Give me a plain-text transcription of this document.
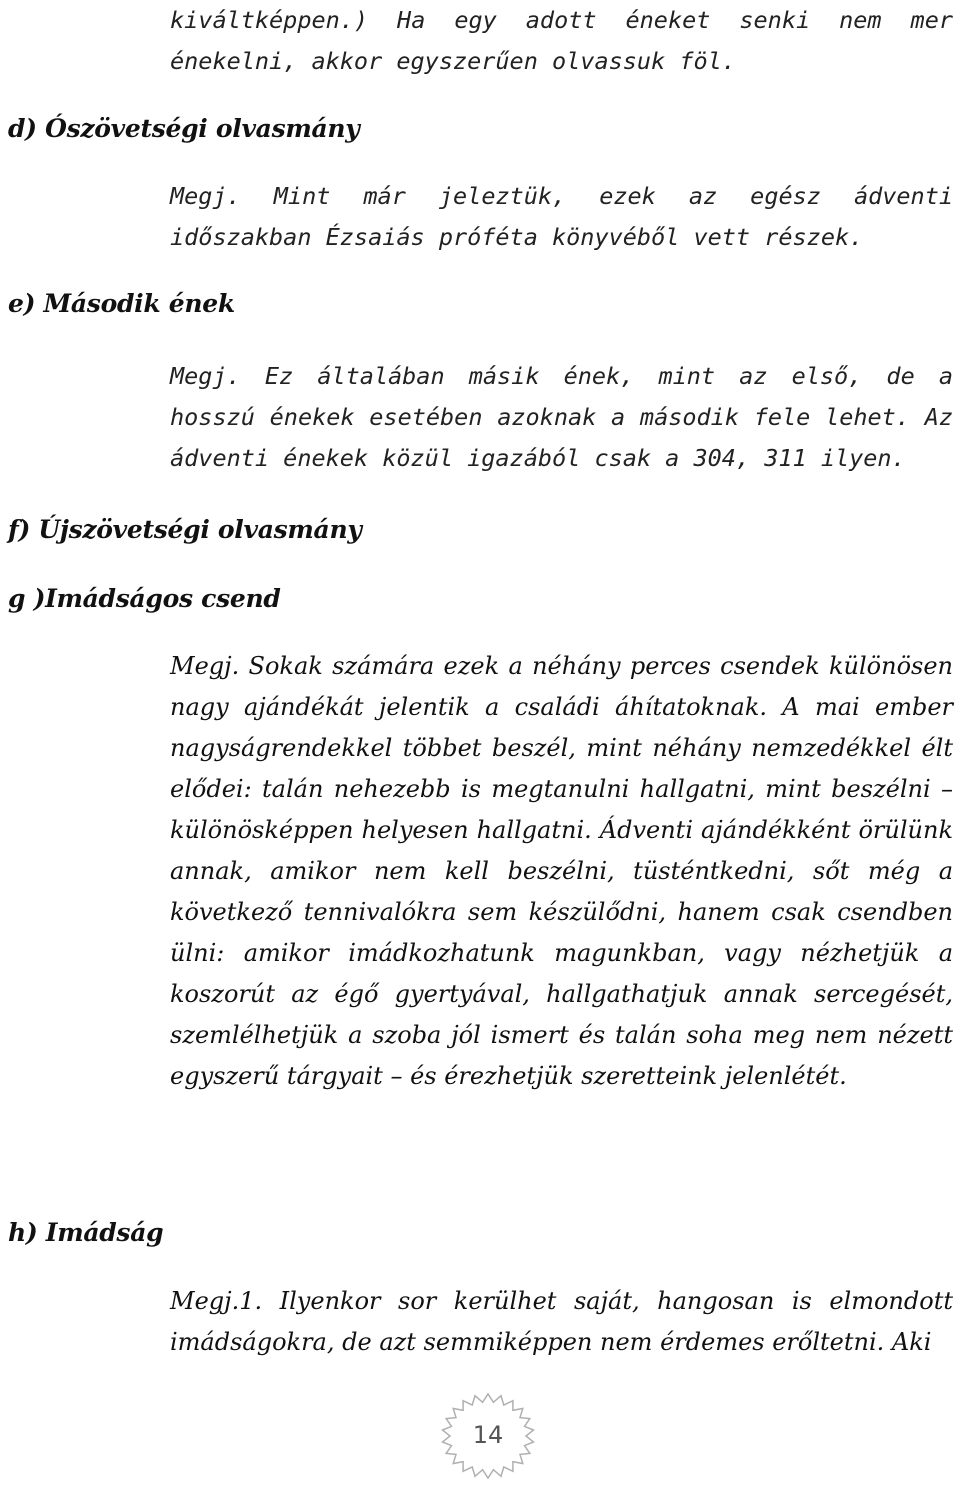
kiváltképpen.) Ha egy adott éneket senki nem mer énekelni, akkor egyszerűen olvassuk föl.

d) Ószövetségi olvasmány

Megj. Mint már jeleztük, ezek az egész ádventi időszakban Ézsaiás próféta könyvéből vett részek.

e) Második ének

Megj. Ez általában másik ének, mint az első, de a hosszú énekek esetében azoknak a második fele lehet. Az ádventi énekek közül igazából csak a 304, 311 ilyen.

f) Újszövetségi olvasmány
g )Imádságos csend

Megj. Sokak számára ezek a néhány perces csendek különösen nagy ajándékát jelentik a családi áhítatoknak. A mai ember nagyságrendekkel többet beszél, mint néhány nemzedékkel élt elődei: talán nehezebb is megtanulni hallgatni, mint beszélni – különösképpen helyesen hallgatni. Ádventi ajándékként örülünk annak, amikor nem kell beszélni, tüsténtkedni, sőt még a következő tennivalókra sem készülődni, hanem csak csendben ülni: amikor imádkozhatunk magunkban, vagy nézhetjük a koszorút az égő gyertyával, hallgathatjuk annak sercegését, szemlélhetjük a szoba jól ismert és talán soha meg nem nézett egyszerű tárgyait – és érezhetjük szeretteink jelenlétét.

h) Imádság

Megj.1. Ilyenkor sor kerülhet saját, hangosan is elmondott imádságokra, de azt semmiképpen nem érdemes erőltetni. Aki

14
